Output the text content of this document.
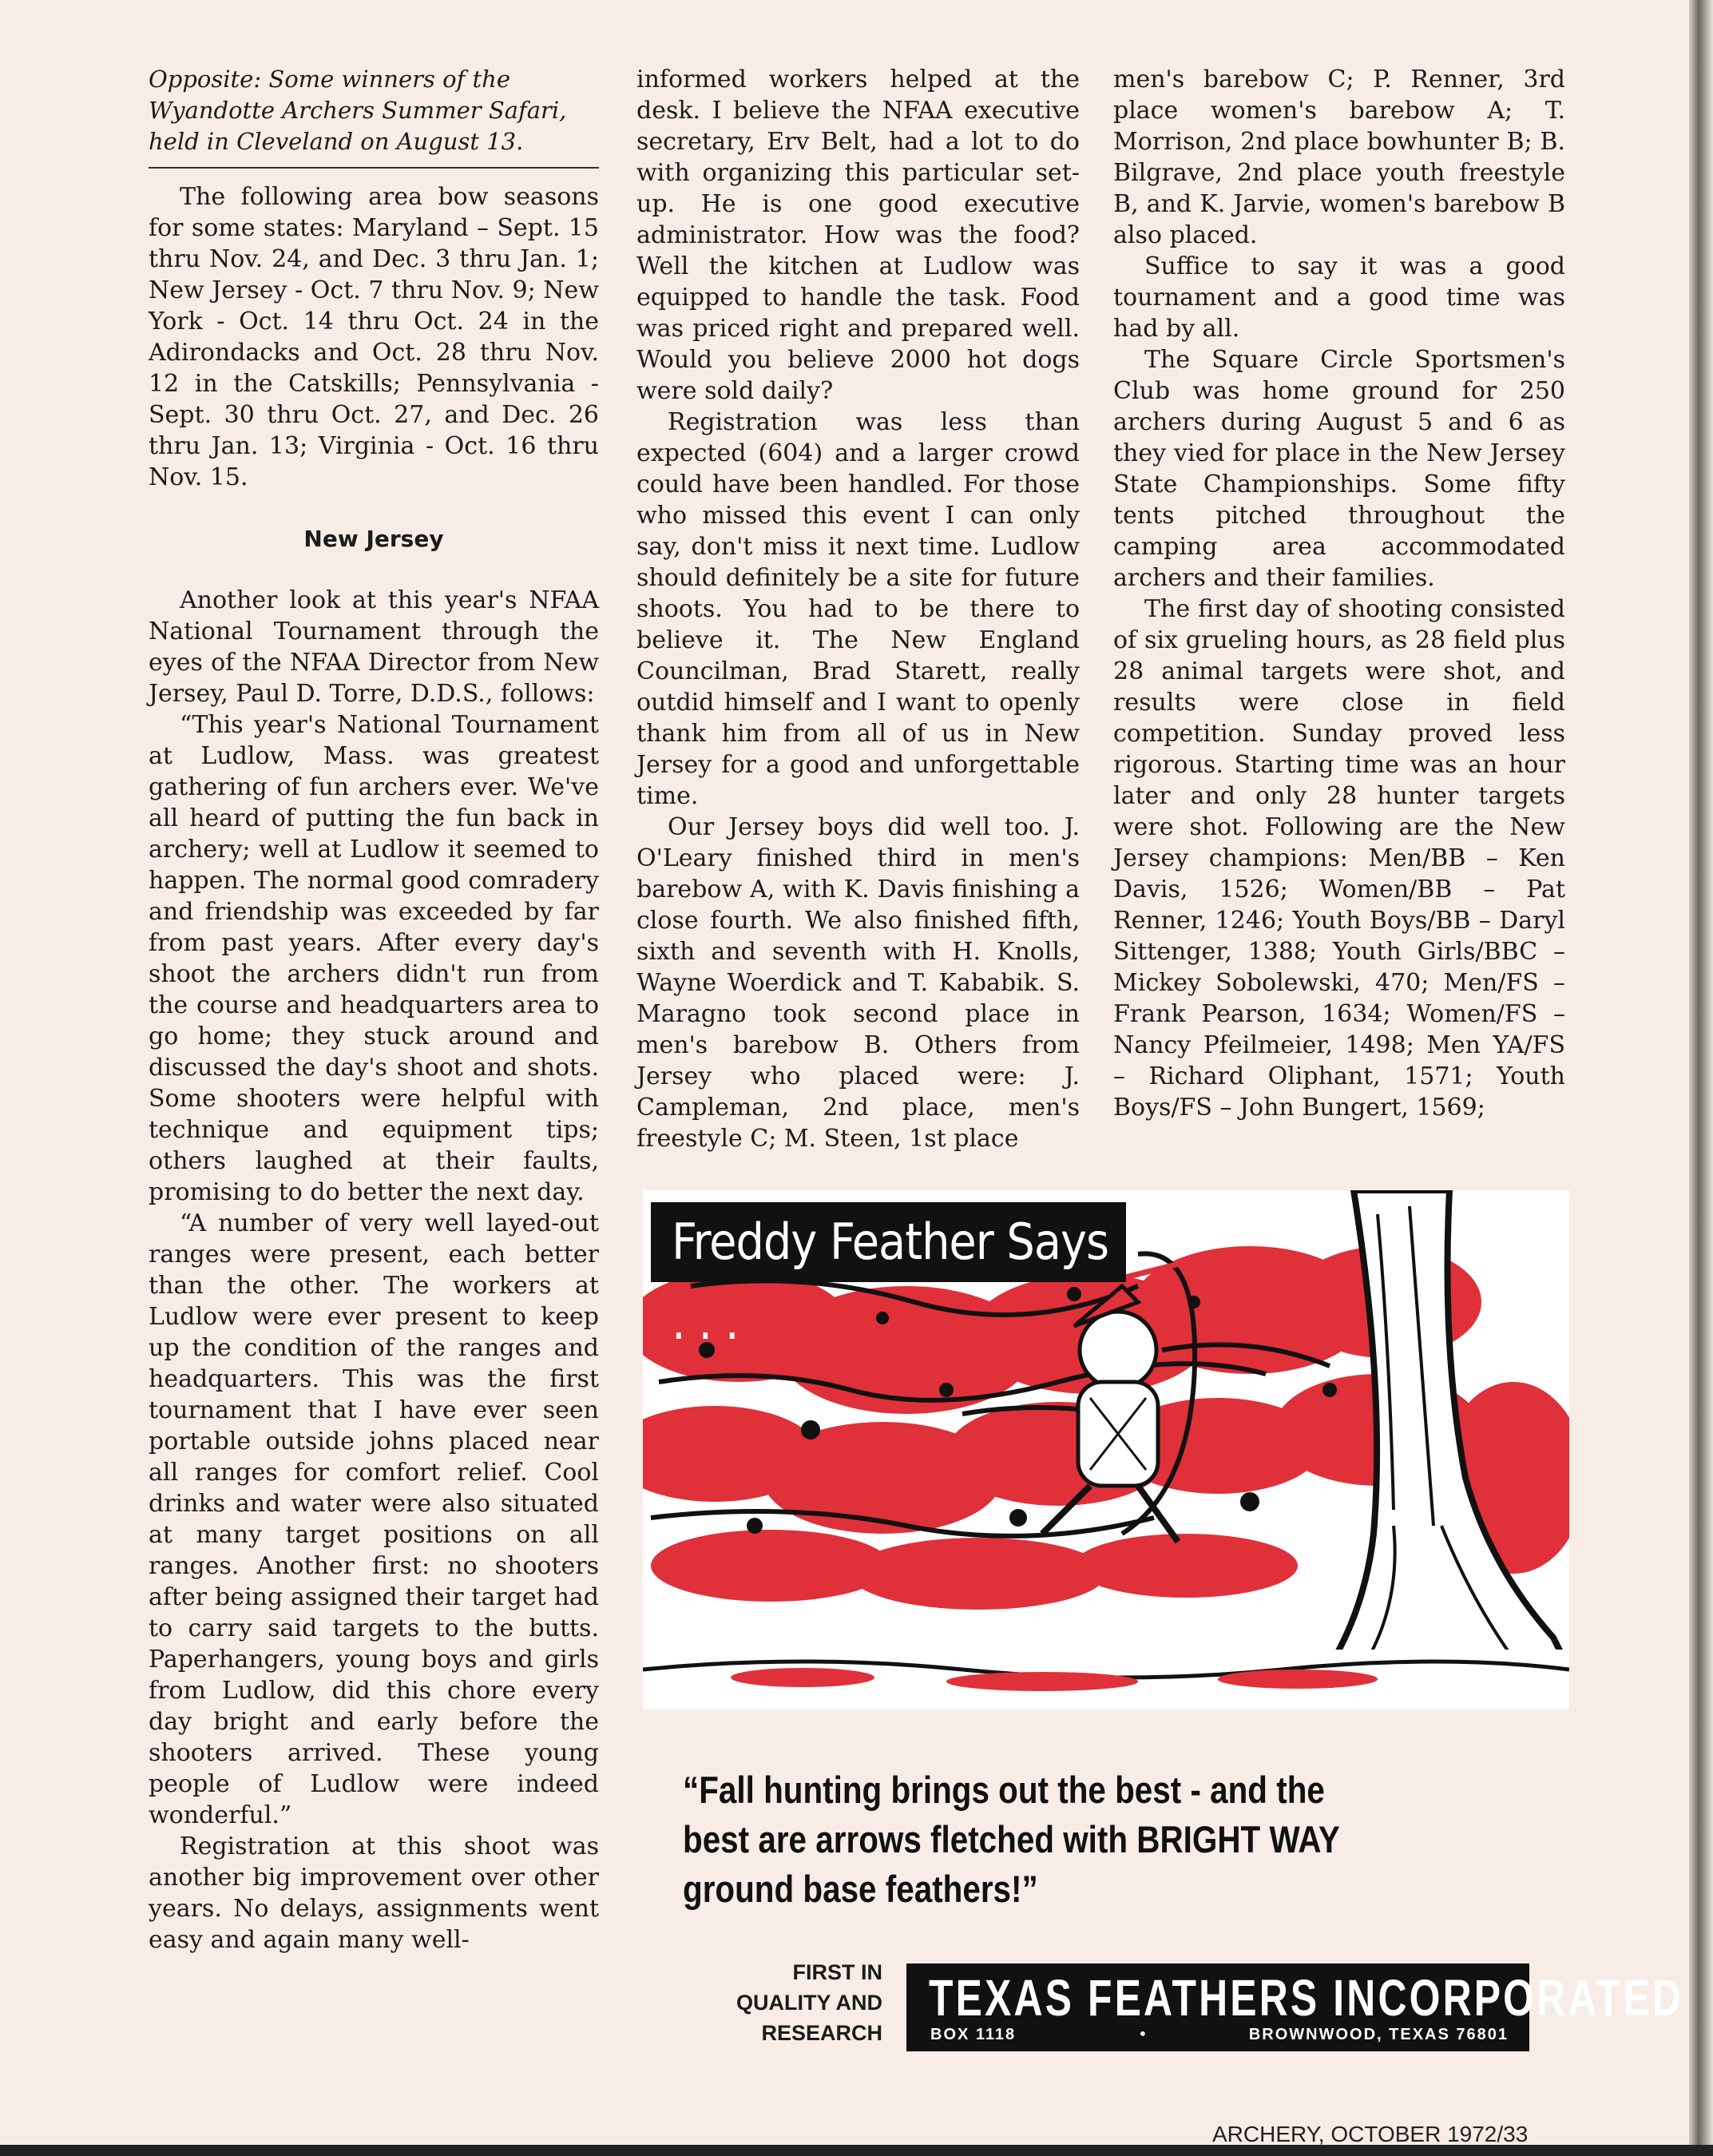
Opposite: Some winners of the Wyandotte Archers Summer Safari, held in Cleveland on August 13.

The following area bow seasons for some states: Maryland – Sept. 15 thru Nov. 24, and Dec. 3 thru Jan. 1; New Jersey - Oct. 7 thru Nov. 9; New York - Oct. 14 thru Oct. 24 in the Adirondacks and Oct. 28 thru Nov. 12 in the Catskills; Pennsylvania - Sept. 30 thru Oct. 27, and Dec. 26 thru Jan. 13; Virginia - Oct. 16 thru Nov. 15.

New Jersey

Another look at this year's NFAA National Tournament through the eyes of the NFAA Director from New Jersey, Paul D. Torre, D.D.S., follows:

“This year's National Tournament at Ludlow, Mass. was greatest gathering of fun archers ever. We've all heard of putting the fun back in archery; well at Ludlow it seemed to happen. The normal good comradery and friendship was exceeded by far from past years. After every day's shoot the archers didn't run from the course and headquarters area to go home; they stuck around and discussed the day's shoot and shots. Some shooters were helpful with technique and equipment tips; others laughed at their faults, promising to do better the next day.

“A number of very well layed-out ranges were present, each better than the other. The workers at Ludlow were ever present to keep up the condition of the ranges and headquarters. This was the first tournament that I have ever seen portable outside johns placed near all ranges for comfort relief. Cool drinks and water were also situated at many target positions on all ranges. Another first: no shooters after being assigned their target had to carry said targets to the butts. Paperhangers, young boys and girls from Ludlow, did this chore every day bright and early before the shooters arrived. These young people of Ludlow were indeed wonderful.”

Registration at this shoot was another big improvement over other years. No delays, assignments went easy and again many well-

informed workers helped at the desk. I believe the NFAA executive secretary, Erv Belt, had a lot to do with organizing this particular set-up. He is one good executive administrator. How was the food? Well the kitchen at Ludlow was equipped to handle the task. Food was priced right and prepared well. Would you believe 2000 hot dogs were sold daily?

Registration was less than expected (604) and a larger crowd could have been handled. For those who missed this event I can only say, don't miss it next time. Ludlow should definitely be a site for future shoots. You had to be there to believe it. The New England Councilman, Brad Starett, really outdid himself and I want to openly thank him from all of us in New Jersey for a good and unforgettable time.

Our Jersey boys did well too. J. O'Leary finished third in men's barebow A, with K. Davis finishing a close fourth. We also finished fifth, sixth and seventh with H. Knolls, Wayne Woerdick and T. Kababik. S. Maragno took second place in men's barebow B. Others from Jersey who placed were: J. Campleman, 2nd place, men's freestyle C; M. Steen, 1st place

men's barebow C; P. Renner, 3rd place women's barebow A; T. Morrison, 2nd place bowhunter B; B. Bilgrave, 2nd place youth freestyle B, and K. Jarvie, women's barebow B also placed.

Suffice to say it was a good tournament and a good time was had by all.

The Square Circle Sportsmen's Club was home ground for 250 archers during August 5 and 6 as they vied for place in the New Jersey State Championships. Some fifty tents pitched throughout the camping area accommodated archers and their families.

The first day of shooting consisted of six grueling hours, as 28 field plus 28 animal targets were shot, and results were close in field competition. Sunday proved less rigorous. Starting time was an hour later and only 28 hunter targets were shot. Following are the New Jersey champions: Men/BB – Ken Davis, 1526; Women/BB – Pat Renner, 1246; Youth Boys/BB – Daryl Sittenger, 1388; Youth Girls/BBC – Mickey Sobolewski, 470; Men/FS – Frank Pearson, 1634; Women/FS – Nancy Pfeilmeier, 1498; Men YA/FS – Richard Oliphant, 1571; Youth Boys/FS – John Bungert, 1569;

Freddy Feather Says . . .
“Fall hunting brings out the best - and the best are arrows fletched with BRIGHT WAY ground base feathers!”
FIRST IN
QUALITY AND
RESEARCH
TEXAS FEATHERS INCORPORATED
BOX 1118	•	BROWNWOOD, TEXAS 76801
ARCHERY, OCTOBER 1972/33
